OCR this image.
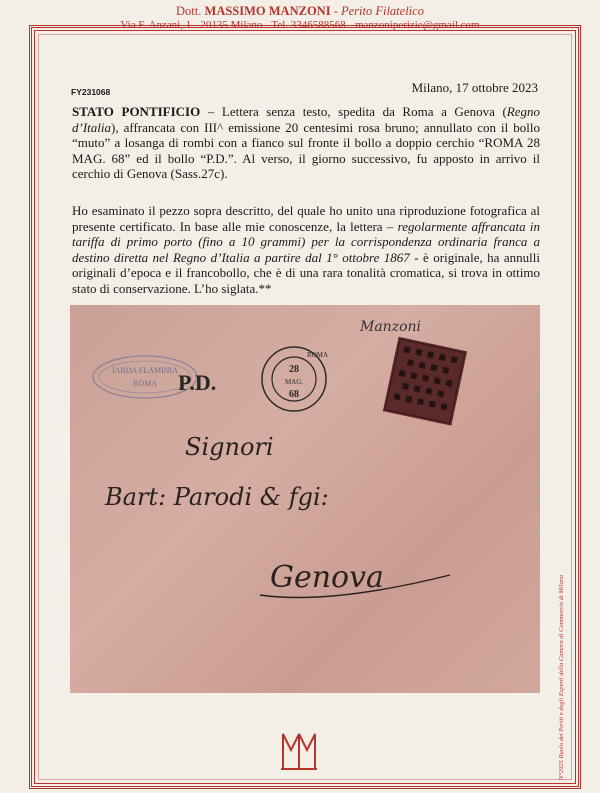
Dott. MASSIMO MANZONI - Perito Filatelico
Via F. Anzani, 1 - 20135 Milano - Tel. 3346588568 - manzoniperizie@gmail.com
FY231068	Milano, 17 ottobre 2023
STATO PONTIFICIO – Lettera senza testo, spedita da Roma a Genova (Regno d’Italia), affrancata con III^ emissione 20 centesimi rosa bruno; annullato con il bollo “muto” a losanga di rombi con a fianco sul fronte il bollo a doppio cerchio “ROMA 28 MAG. 68” ed il bollo “P.D.”. Al verso, il giorno successivo, fu apposto in arrivo il cerchio di Genova (Sass.27c).
Ho esaminato il pezzo sopra descritto, del quale ho unito una riproduzione fotografica al presente certificato. In base alle mie conoscenze, la lettera – regolarmente affrancata in tariffa di primo porto (fino a 10 grammi) per la corrispondenza ordinaria franca a destino diretta nel Regno d’Italia a partire dal 1° ottobre 1867 - è originale, ha annulli originali d’epoca e il francobollo, che è di una rara tonalità cromatica, si trova in ottimo stato di conservazione. L’ho siglata.**
IARDA FLAMINIA
ROMA P.D.
ROMA
28
MAG.
68
Manzoni
Signori
Bart: Parodi & fgi:
Genova	N°2925 Ruolo dei Periti e degli Esperti della Camera di Commercio di Milano
